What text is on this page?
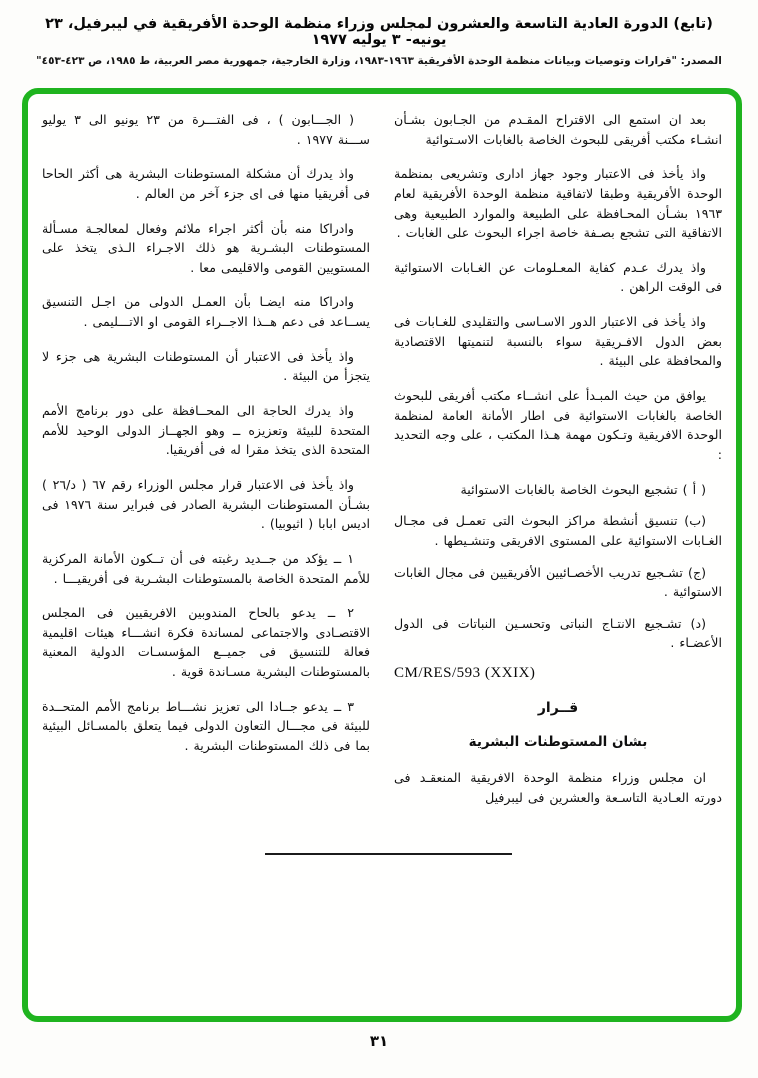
(تابع) الدورة العادية التاسعة والعشرون لمجلس وزراء منظمة الوحدة الأفريقية في ليبرفيل، ٢٣ يونيه- ٣ يوليه ١٩٧٧
المصدر: "قرارات وتوصيات وبيانات منظمة الوحدة الأفريقية ١٩٦٣-١٩٨٣، وزارة الخارجية، جمهورية مصر العربية، ط ١٩٨٥، ص ٤٢٣-٤٥٣"

بعد ان استمع الى الاقتراح المقـدم من الجـابون بشـأن انشـاء مكتب أفريقى للبحوث الخاصة بالغابات الاسـتوائية

واذ يأخذ فى الاعتبار وجود جهاز ادارى وتشريعى بمنظمة الوحدة الأفريقية وطبقا لاتفاقية منظمة الوحدة الأفريقية لعام ١٩٦٣ بشـأن المحـافظة على الطبيعة والموارد الطبيعية وهى الاتفاقية التى تشجع بصـفة خاصة اجراء البحوث على الغابات .

واذ يدرك عـدم كفاية المعـلومات عن الغـابات الاستوائية فى الوقت الراهن .

واذ يأخذ فى الاعتبار الدور الاسـاسى والتقليدى للغـابات فى بعض الدول الافـريقية سواء بالنسبة لتنميتها الاقتصادية والمحافظة على البيئة .

يوافق من حيث المبـدأ على انشــاء مكتب أفريقى للبحوث الخاصة بالغابات الاستوائية فى اطار الأمانة العامة لمنظمة الوحدة الافريقية وتـكون مهمة هـذا المكتب ، على وجه التحديد :

( أ ) تشجيع البحوث الخاصة بالغابات الاستوائية

(ب) تنسيق أنشطة مراكز البحوث التى تعمـل فى مجـال الغـابات الاستوائية على المستوى الافريقى وتنشـيطها .

(ج) تشـجيع تدريب الأخصـائيين الأفريقيين فى مجال الغابات الاستوائية .

(د) تشـجيع الانتـاج النباتى وتحسـين النباتات فى الدول الأعضـاء .

CM/RES/593 (XXIX)
قــرار
بشان المستوطنات البشرية

ان مجلس وزراء منظمة الوحدة الافريقية المنعقـد فى دورته العـادية التاسـعة والعشرين فى ليبرفيل

( الجـــابون ) ، فى الفتـــرة من ٢٣ يونيو الى ٣ يوليو ســـنة ١٩٧٧ .

واذ يدرك أن مشكلة المستوطنات البشرية هى أكثر الحاحا فى أفريقيا منها فى اى جزء آخر من العالم .

وادراكا منه بأن أكثر اجراء ملائم وفعال لمعالجـة مسـألة المستوطنات البشـرية هو ذلك الاجـراء الـذى يتخذ على المستويين القومى والاقليمى معا .

وادراكا منه ايضـا بأن العمـل الدولى من اجـل التنسيق يســاعد فى دعم هــذا الاجــراء القومى او الاتـــليمى .

واذ يأخذ فى الاعتبار أن المستوطنات البشرية هى جزء لا يتجزأ من البيئة .

واذ يدرك الحاجة الى المحــافظة على دور برنامج الأمم المتحدة للبيئة وتعزيزه ــ وهو الجهــاز الدولى الوحيد للأمم المتحدة الذى يتخذ مقرا له فى أفريقيا.

واذ يأخذ فى الاعتبار قرار مجلس الوزراء رقم ٦٧ ( د/٢٦ ) بشـأن المستوطنات البشرية الصادر فى فبراير سنة ١٩٧٦ فى اديس ابابا ( اثيوبيا) .

١ ــ يؤكد من جــديد رغبته فى أن تــكون الأمانة المركزية للأمم المتحدة الخاصة بالمستوطنات البشـرية فى أفريقيـــا .

٢ ــ يدعو بالحاح المندوبين الافريقيين فى المجلس الاقتصـادى والاجتماعى لمساندة فكرة انشـــاء هيئات اقليمية فعالة للتنسيق فى جميــع المؤسسـات الدولية المعنية بالمستوطنات البشرية مسـاندة قوية .

٣ ــ يدعو جــادا الى تعزيز نشـــاط برنامج الأمم المتحــدة للبيئة فى مجـــال التعاون الدولى فيما يتعلق بالمسـائل البيئية بما فى ذلك المستوطنات البشرية .

٣١
